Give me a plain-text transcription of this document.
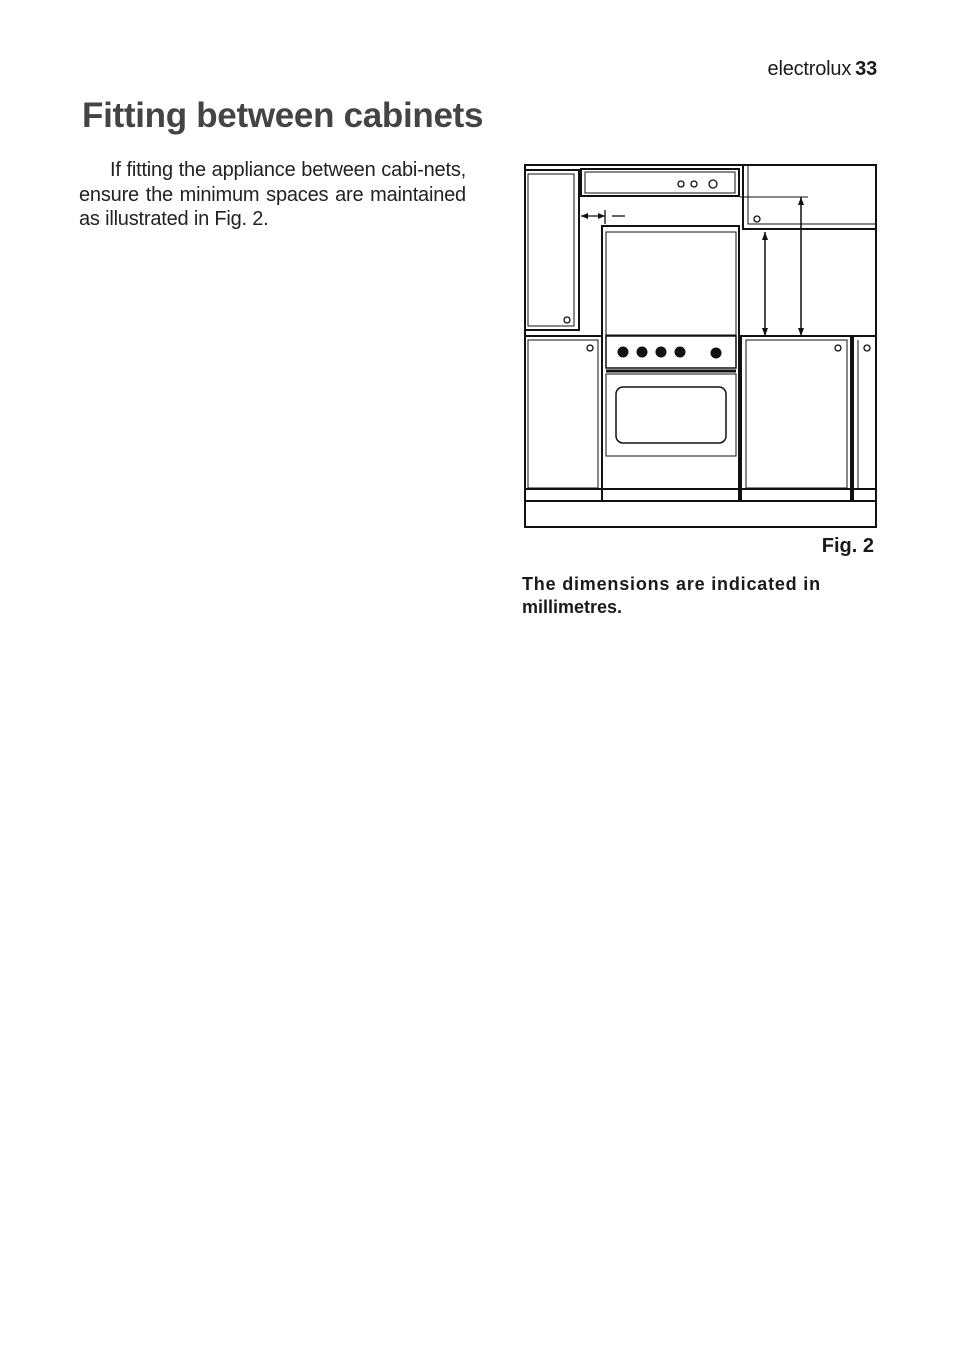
electrolux 33
Fitting between cabinets

If fitting the appliance between cabi-nets, ensure the minimum spaces are maintained as illustrated in Fig. 2.

Fig. 2

The dimensions are indicated in
millimetres.
